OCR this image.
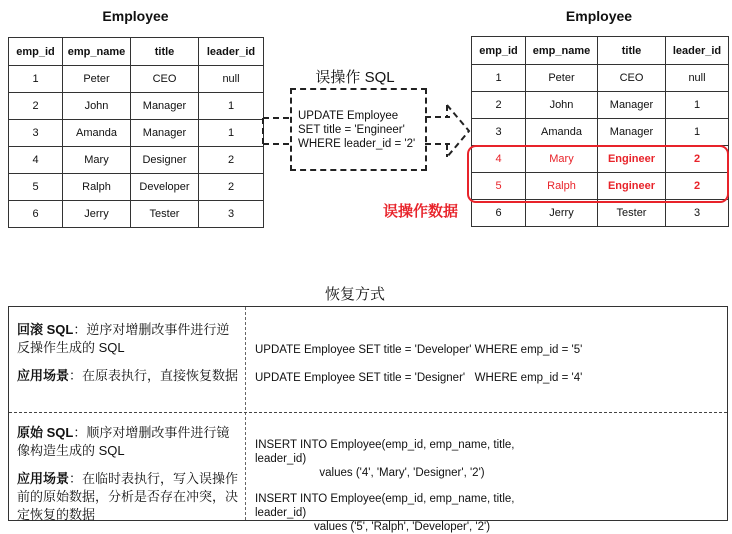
Employee
emp_id	emp_name	title	leader_id
1	Peter	CEO	null
2	John	Manager	1
3	Amanda	Manager	1
4	Mary	Designer	2
5	Ralph	Developer	2
6	Jerry	Tester	3
误操作 SQL
UPDATE Employee
SET title = 'Engineer'
WHERE leader_id = '2'
误操作数据
Employee
emp_id	emp_name	title	leader_id
1	Peter	CEO	null
2	John	Manager	1
3	Amanda	Manager	1
4	Mary	Engineer	2
5	Ralph	Engineer	2
6	Jerry	Tester	3
恢复方式
回滚 SQL：逆序对增删改事件进行逆反操作生成的 SQL
应用场景：在原表执行，直接恢复数据
UPDATE Employee SET title = 'Developer' WHERE emp_id = '5'
UPDATE Employee SET title = 'Designer'   WHERE emp_id = '4'
原始 SQL：顺序对增删改事件进行镜像构造生成的 SQL
应用场景：在临时表执行，写入误操作前的原始数据，分析是否存在冲突，决定恢复的数据
INSERT INTO Employee(emp_id, emp_name, title, leader_id)
values ('4', 'Mary', 'Designer', '2')
INSERT INTO Employee(emp_id, emp_name, title, leader_id)
values ('5', 'Ralph', 'Developer', '2')
